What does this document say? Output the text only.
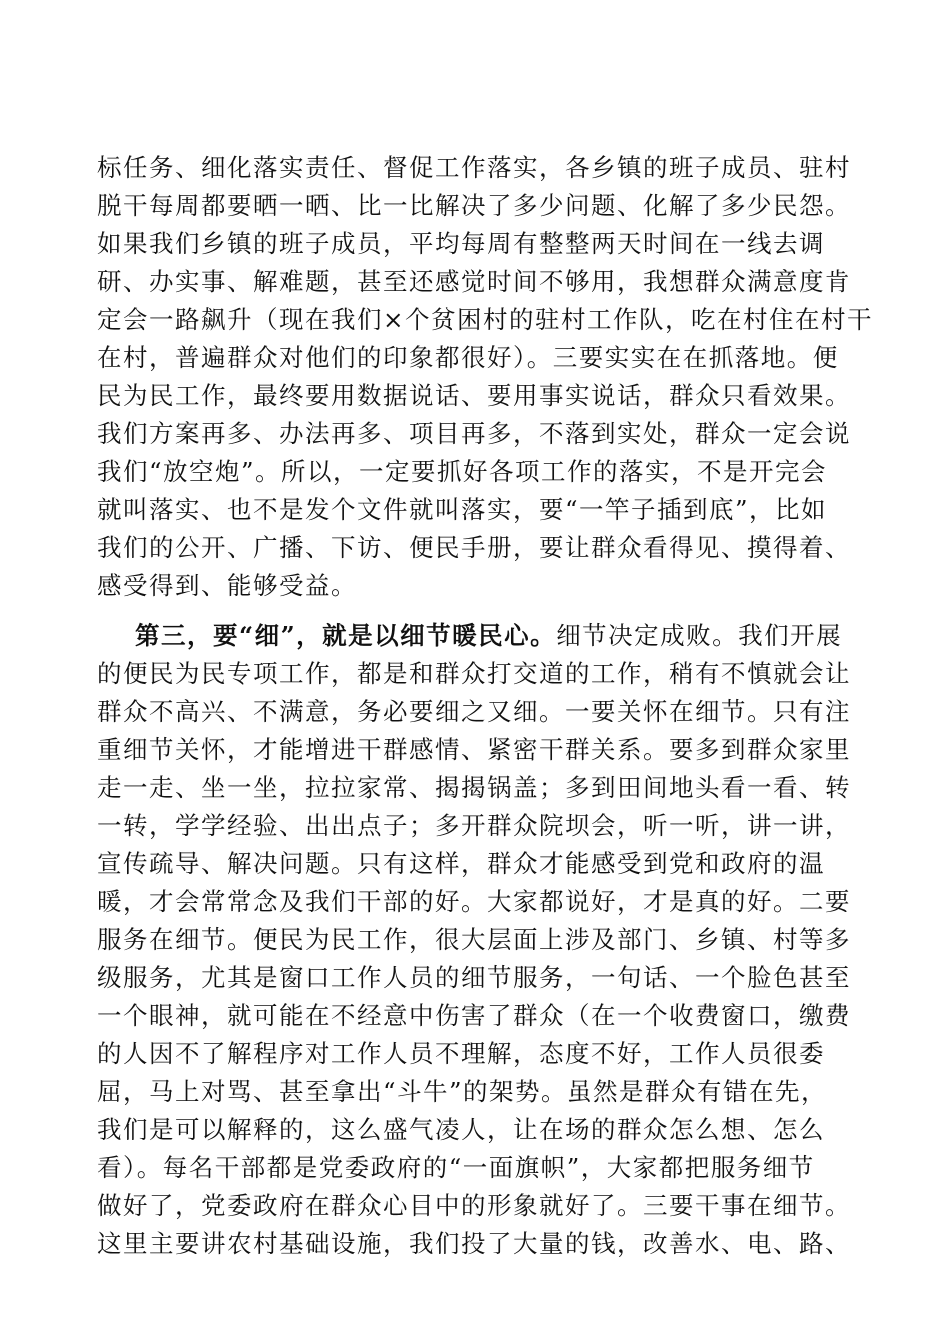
标任务、细化落实责任、督促工作落实，各乡镇的班子成员、驻村
脱干每周都要晒一晒、比一比解决了多少问题、化解了多少民怨。
如果我们乡镇的班子成员，平均每周有整整两天时间在一线去调
研、办实事、解难题，甚至还感觉时间不够用，我想群众满意度肯
定会一路飙升（现在我们×个贫困村的驻村工作队，吃在村住在村干
在村，普遍群众对他们的印象都很好）。三要实实在在抓落地。便
民为民工作，最终要用数据说话、要用事实说话，群众只看效果。
我们方案再多、办法再多、项目再多，不落到实处，群众一定会说
我们“放空炮”。所以，一定要抓好各项工作的落实，不是开完会
就叫落实、也不是发个文件就叫落实，要“一竿子插到底”，比如
我们的公开、广播、下访、便民手册，要让群众看得见、摸得着、
感受得到、能够受益。
第三，要“细”，就是以细节暖民心。细节决定成败。我们开展
的便民为民专项工作，都是和群众打交道的工作，稍有不慎就会让
群众不高兴、不满意，务必要细之又细。一要关怀在细节。只有注
重细节关怀，才能增进干群感情、紧密干群关系。要多到群众家里
走一走、坐一坐，拉拉家常、揭揭锅盖；多到田间地头看一看、转
一转，学学经验、出出点子；多开群众院坝会，听一听，讲一讲，
宣传疏导、解决问题。只有这样，群众才能感受到党和政府的温
暖，才会常常念及我们干部的好。大家都说好，才是真的好。二要
服务在细节。便民为民工作，很大层面上涉及部门、乡镇、村等多
级服务，尤其是窗口工作人员的细节服务，一句话、一个脸色甚至
一个眼神，就可能在不经意中伤害了群众（在一个收费窗口，缴费
的人因不了解程序对工作人员不理解，态度不好，工作人员很委
屈，马上对骂、甚至拿出“斗牛”的架势。虽然是群众有错在先，
我们是可以解释的，这么盛气凌人，让在场的群众怎么想、怎么
看）。每名干部都是党委政府的“一面旗帜”，大家都把服务细节
做好了，党委政府在群众心目中的形象就好了。三要干事在细节。
这里主要讲农村基础设施，我们投了大量的钱，改善水、电、路、
